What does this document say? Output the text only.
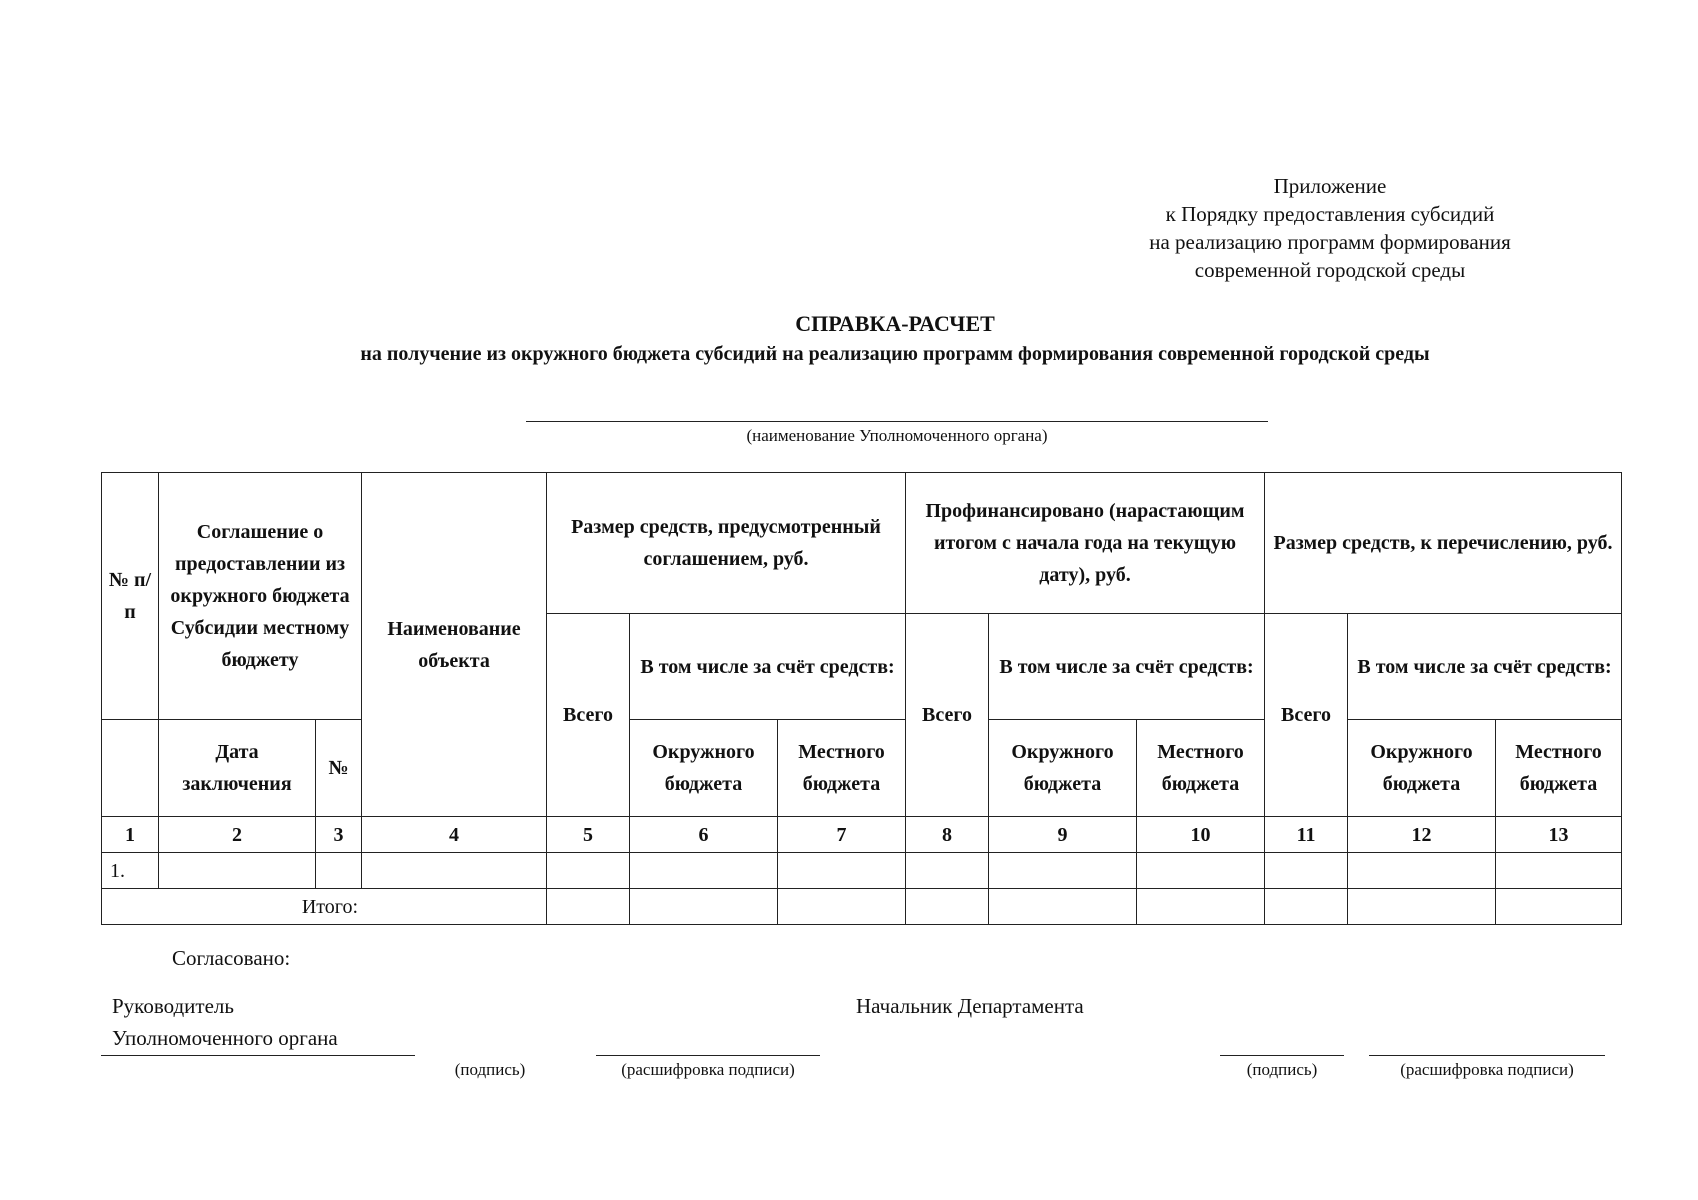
Приложение
к Порядку предоставления субсидий
на реализацию программ формирования
современной городской среды
СПРАВКА-РАСЧЕТ
на получение из окружного бюджета субсидий на реализацию программ формирования современной городской среды
(наименование Уполномоченного органа)
№ п/п	Соглашение о предоставлении из окружного бюджета Субсидии местному бюджету		Наименование объекта	Размер средств, предусмотренный соглашением, руб.			Профинансировано (нарастающим итогом с начала года на текущую дату), руб.			Размер средств, к перечислению, руб.		
				Всего	В том числе за счёт средств:		Всего	В том числе за счёт средств:		Всего	В том числе за счёт средств:	
	Дата заключения	№			Окружного бюджета	Местного бюджета		Окружного бюджета	Местного бюджета		Окружного бюджета	Местного бюджета
1	2	3	4	5	6	7	8	9	10	11	12	13
1.												
Итого:												
Согласовано:
Руководитель
Уполномоченного органа
(подпись)	(расшифровка подписи)
Начальник Департамента
(подпись)	(расшифровка подписи)
